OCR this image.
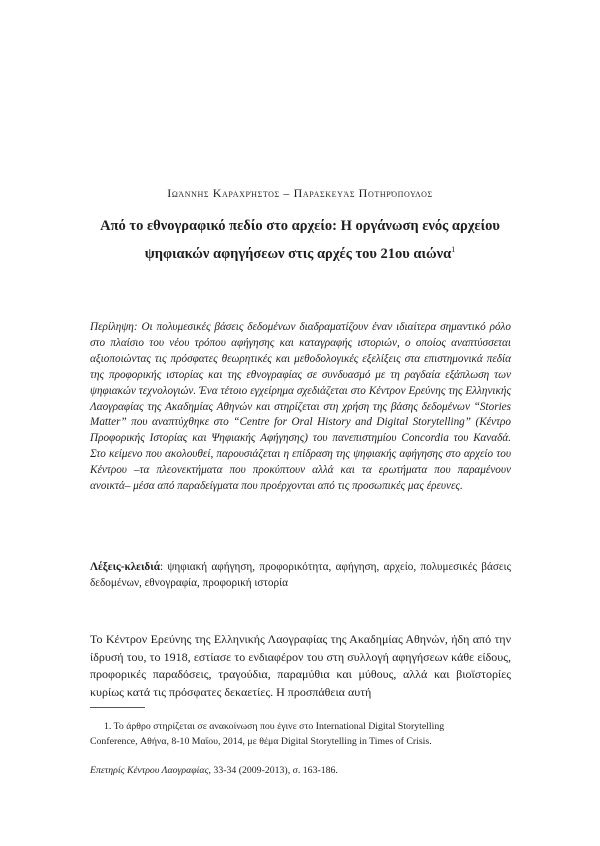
Ιωάννης Καραχρήστος – Παρασκευάς Ποτηρόπουλος
Από το εθνογραφικό πεδίο στο αρχείο: Η οργάνωση ενός αρχείου
ψηφιακών αφηγήσεων στις αρχές του 21ου αιώνα$^1$
Περίληψη: Οι πολυμεσικές βάσεις δεδομένων διαδραματίζουν έναν ιδιαίτερα σημαντικό ρόλο στο πλαίσιο του νέου τρόπου αφήγησης και καταγραφής ιστοριών, ο οποίος αναπτύσσεται αξιοποιώντας τις πρόσφατες θεωρητικές και μεθοδολογικές εξελίξεις στα επιστημονικά πεδία της προφορικής ιστορίας και της εθνογραφίας σε συνδυασμό με τη ραγδαία εξάπλωση των ψηφιακών τεχνολογιών. Ένα τέτοιο εγχείρημα σχεδιάζεται στο Κέντρον Ερεύνης της Ελληνικής Λαογραφίας της Ακαδημίας Αθηνών και στηρίζεται στη χρήση της βάσης δεδομένων “Stories Matter” που αναπτύχθηκε στο “Centre for Oral History and Digital Storytelling” (Κέντρο Προφορικής Ιστορίας και Ψηφιακής Αφήγησης) του πανεπιστημίου Concordia του Καναδά. Στο κείμενο που ακολουθεί, παρουσιάζεται η επίδραση της ψηφιακής αφήγησης στο αρχείο του Κέντρου –τα πλεονεκτήματα που προκύπτουν αλλά και τα ερωτήματα που παραμένουν ανοικτά– μέσα από παραδείγματα που προέρχονται από τις προσωπικές μας έρευνες.
Λέξεις-κλειδιά: ψηφιακή αφήγηση, προφορικότητα, αφήγηση, αρχείο, πολυμεσικές βάσεις δεδομένων, εθνογραφία, προφορική ιστορία
Το Κέντρον Ερεύνης της Ελληνικής Λαογραφίας της Ακαδημίας Αθηνών, ήδη από την ίδρυσή του, το 1918, εστίασε το ενδιαφέρον του στη συλλογή αφηγήσεων κάθε είδους, προφορικές παραδόσεις, τραγούδια, παραμύθια και μύθους, αλλά και βιοϊστορίες κυρίως κατά τις πρόσφατες δεκαετίες. Η προσπάθεια αυτή
1. Το άρθρο στηρίζεται σε ανακοίνωση που έγινε στο International Digital Storytelling
Conference, Αθήνα, 8-10 Μαΐου, 2014, με θέμα Digital Storytelling in Times of Crisis.
Επετηρίς Κέντρου Λαογραφίας, 33-34 (2009-2013), σ. 163-186.
